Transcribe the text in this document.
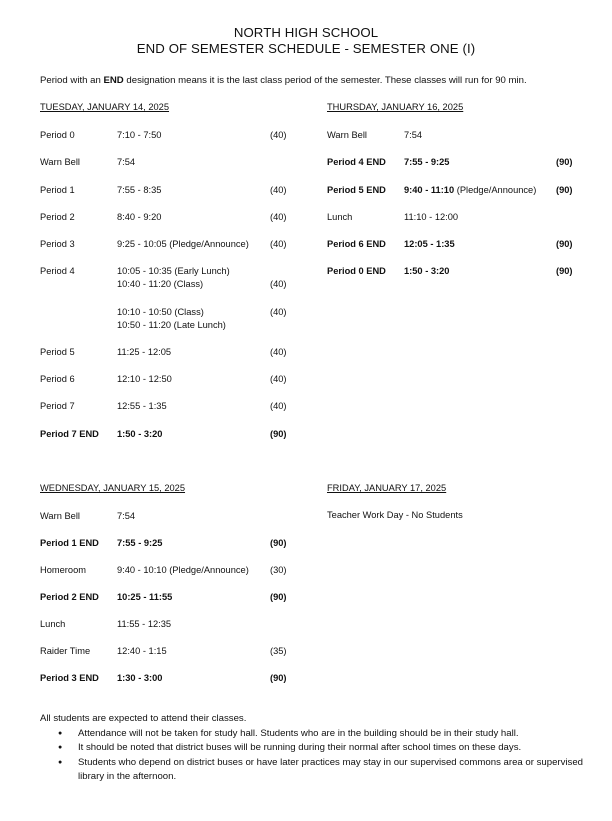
NORTH HIGH SCHOOL
END OF SEMESTER SCHEDULE - SEMESTER ONE (I)
Period with an END designation means it is the last class period of the semester. These classes will run for 90 min.
TUESDAY, JANUARY 14, 2025
Period 0	7:10 - 7:50	(40)
Warn Bell	7:54
Period 1	7:55 - 8:35	(40)
Period 2	8:40 - 9:20	(40)
Period 3	9:25 - 10:05 (Pledge/Announce) (40)
Period 4	10:05 - 10:35 (Early Lunch)
10:40 - 11:20 (Class)	(40)
10:10 - 10:50 (Class)	(40)
10:50 - 11:20 (Late Lunch)
Period 5	11:25 - 12:05	(40)
Period 6	12:10 - 12:50	(40)
Period 7	12:55 - 1:35	(40)
Period 7 END 1:50 - 3:20	(90)
THURSDAY, JANUARY 16, 2025
Warn Bell	7:54
Period 4 END 7:55 - 9:25	(90)
Period 5 END 9:40 - 11:10 (Pledge/Announce) (90)
Lunch	11:10 - 12:00
Period 6 END 12:05 - 1:35	(90)
Period 0 END 1:50 - 3:20	(90)
WEDNESDAY, JANUARY 15, 2025
Warn Bell	7:54
Period 1 END 7:55 - 9:25	(90)
Homeroom	9:40 - 10:10 (Pledge/Announce) (30)
Period 2 END 10:25 - 11:55	(90)
Lunch	11:55 - 12:35
Raider Time	12:40 - 1:15	(35)
Period 3 END 1:30 - 3:00	(90)
FRIDAY, JANUARY 17, 2025
Teacher Work Day - No Students
All students are expected to attend their classes.
● Attendance will not be taken for study hall. Students who are in the building should be in their study hall.
● It should be noted that district buses will be running during their normal after school times on these days.
● Students who depend on district buses or have later practices may stay in our supervised commons area or supervised library in the afternoon.
